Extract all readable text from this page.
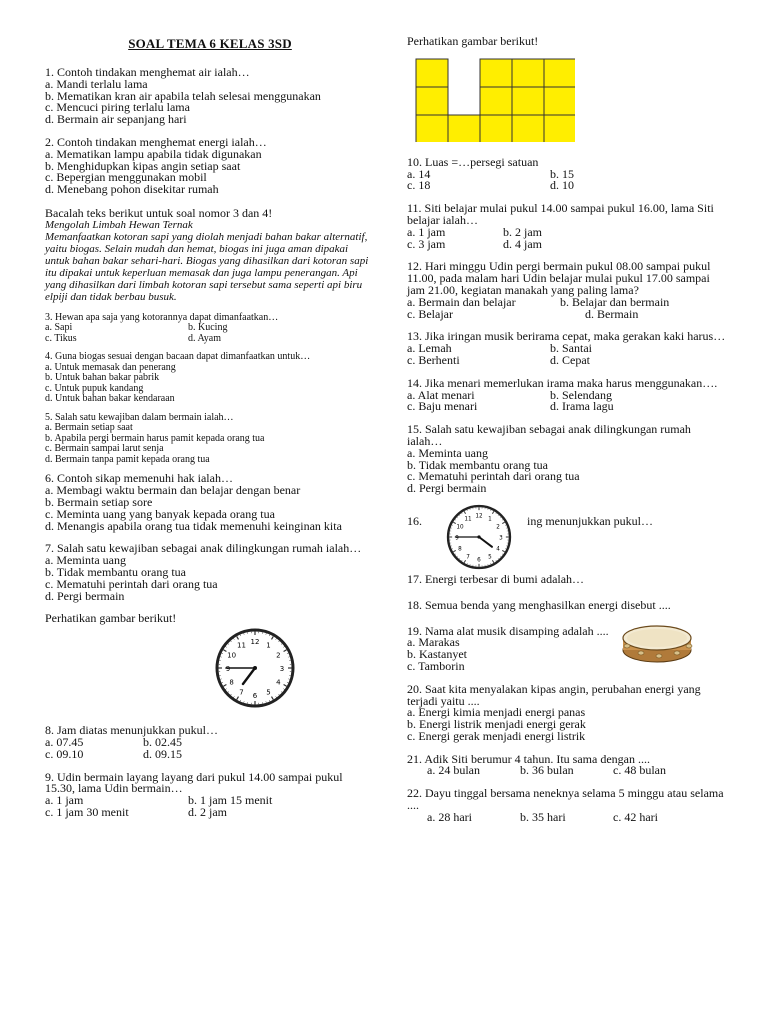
SOAL TEMA 6 KELAS 3SD
1. Contoh tindakan menghemat air ialah…
a. Mandi terlalu lama
b. Mematikan kran air apabila telah selesai menggunakan
c. Mencuci piring terlalu lama
d. Bermain air sepanjang hari
2. Contoh tindakan menghemat energi ialah…
a. Mematikan lampu apabila tidak digunakan
b. Menghidupkan kipas angin setiap saat
c. Bepergian menggunakan mobil
d. Menebang pohon disekitar rumah
Bacalah teks berikut untuk soal nomor 3 dan 4!
Mengolah Limbah Hewan Ternak
Memanfaatkan kotoran sapi yang diolah menjadi bahan bakar alternatif, yaitu biogas. Selain mudah dan hemat, biogas ini juga aman dipakai untuk bahan bakar sehari-hari. Biogas yang dihasilkan dari kotoran sapi itu dipakai untuk keperluan memasak dan juga lampu penerangan. Api yang dihasilkan dari limbah kotoran sapi tersebut sama seperti api biru elpiji dan tidak berbau busuk.
3. Hewan apa saja yang kotorannya dapat dimanfaatkan…
a. Sapi	b. Kucing
c. Tikus	d. Ayam
4. Guna biogas sesuai dengan bacaan dapat dimanfaatkan untuk…
a. Untuk memasak dan penerang
b. Untuk bahan bakar pabrik
c. Untuk pupuk kandang
d. Untuk bahan bakar kendaraan
5. Salah satu kewajiban dalam bermain ialah…
a. Bermain setiap saat
b. Apabila pergi bermain harus pamit kepada orang tua
c. Bermain sampai larut senja
d. Bermain tanpa pamit kepada orang tua
6. Contoh sikap memenuhi hak ialah…
a. Membagi waktu bermain dan belajar dengan benar
b. Bermain setiap sore
c. Meminta uang yang banyak kepada orang tua
d. Menangis apabila orang tua tidak memenuhi keinginan kita
7. Salah satu kewajiban sebagai anak dilingkungan rumah ialah…
a. Meminta uang
b. Tidak membantu orang tua
c. Mematuhi perintah dari orang tua
d. Pergi bermain
Perhatikan gambar berikut!
12 1
2
3
4
5
6
7
8
9
10
11
8. Jam diatas menunjukkan pukul…
a. 07.45	b. 02.45
c. 09.10	d. 09.15
9. Udin bermain layang layang dari pukul 14.00 sampai pukul 15.30, lama Udin bermain…
a. 1 jam	b. 1 jam 15 menit
c. 1 jam 30 menit	d. 2 jam
Perhatikan gambar berikut!
10. Luas =…persegi satuan
a. 14	b. 15
c. 18	d. 10
11. Siti belajar mulai pukul 14.00 sampai pukul 16.00, lama Siti belajar ialah…
a. 1 jam	b. 2 jam
c. 3 jam	d. 4 jam
12. Hari minggu Udin pergi bermain pukul 08.00 sampai pukul 11.00, pada malam hari Udin belajar mulai pukul 17.00 sampai jam 21.00, kegiatan manakah yang paling lama?
a. Bermain dan belajar	b. Belajar dan bermain
c. Belajar	d. Bermain
13. Jika iringan musik berirama cepat, maka gerakan kaki harus…
a. Lemah	b. Santai
c. Berhenti	d. Cepat
14. Jika menari memerlukan irama maka harus menggunakan….
a. Alat menari	b. Selendang
c. Baju menari	d. Irama lagu
15. Salah satu kewajiban sebagai anak dilingkungan rumah ialah…
a. Meminta uang
b. Tidak membantu orang tua
c. Mematuhi perintah dari orang tua
d. Pergi bermain
16.	12 1
2
3
4
5
6
7
8
9
10
11	ing menunjukkan pukul…
17. Energi terbesar di bumi adalah…
18. Semua benda yang menghasilkan energi disebut ....
19. Nama alat musik disamping adalah ....
a. Marakas
b. Kastanyet
c. Tamborin
20. Saat kita menyalakan kipas angin, perubahan energi yang terjadi yaitu ....
a. Energi kimia menjadi energi panas
b. Energi listrik menjadi energi gerak
c. Energi gerak menjadi energi listrik
21. Adik Siti berumur 4 tahun. Itu sama dengan ....
a. 24 bulan	b. 36 bulan	c. 48 bulan
22. Dayu tinggal bersama neneknya selama 5 minggu atau selama ....
a. 28 hari	b. 35 hari	c. 42 hari
